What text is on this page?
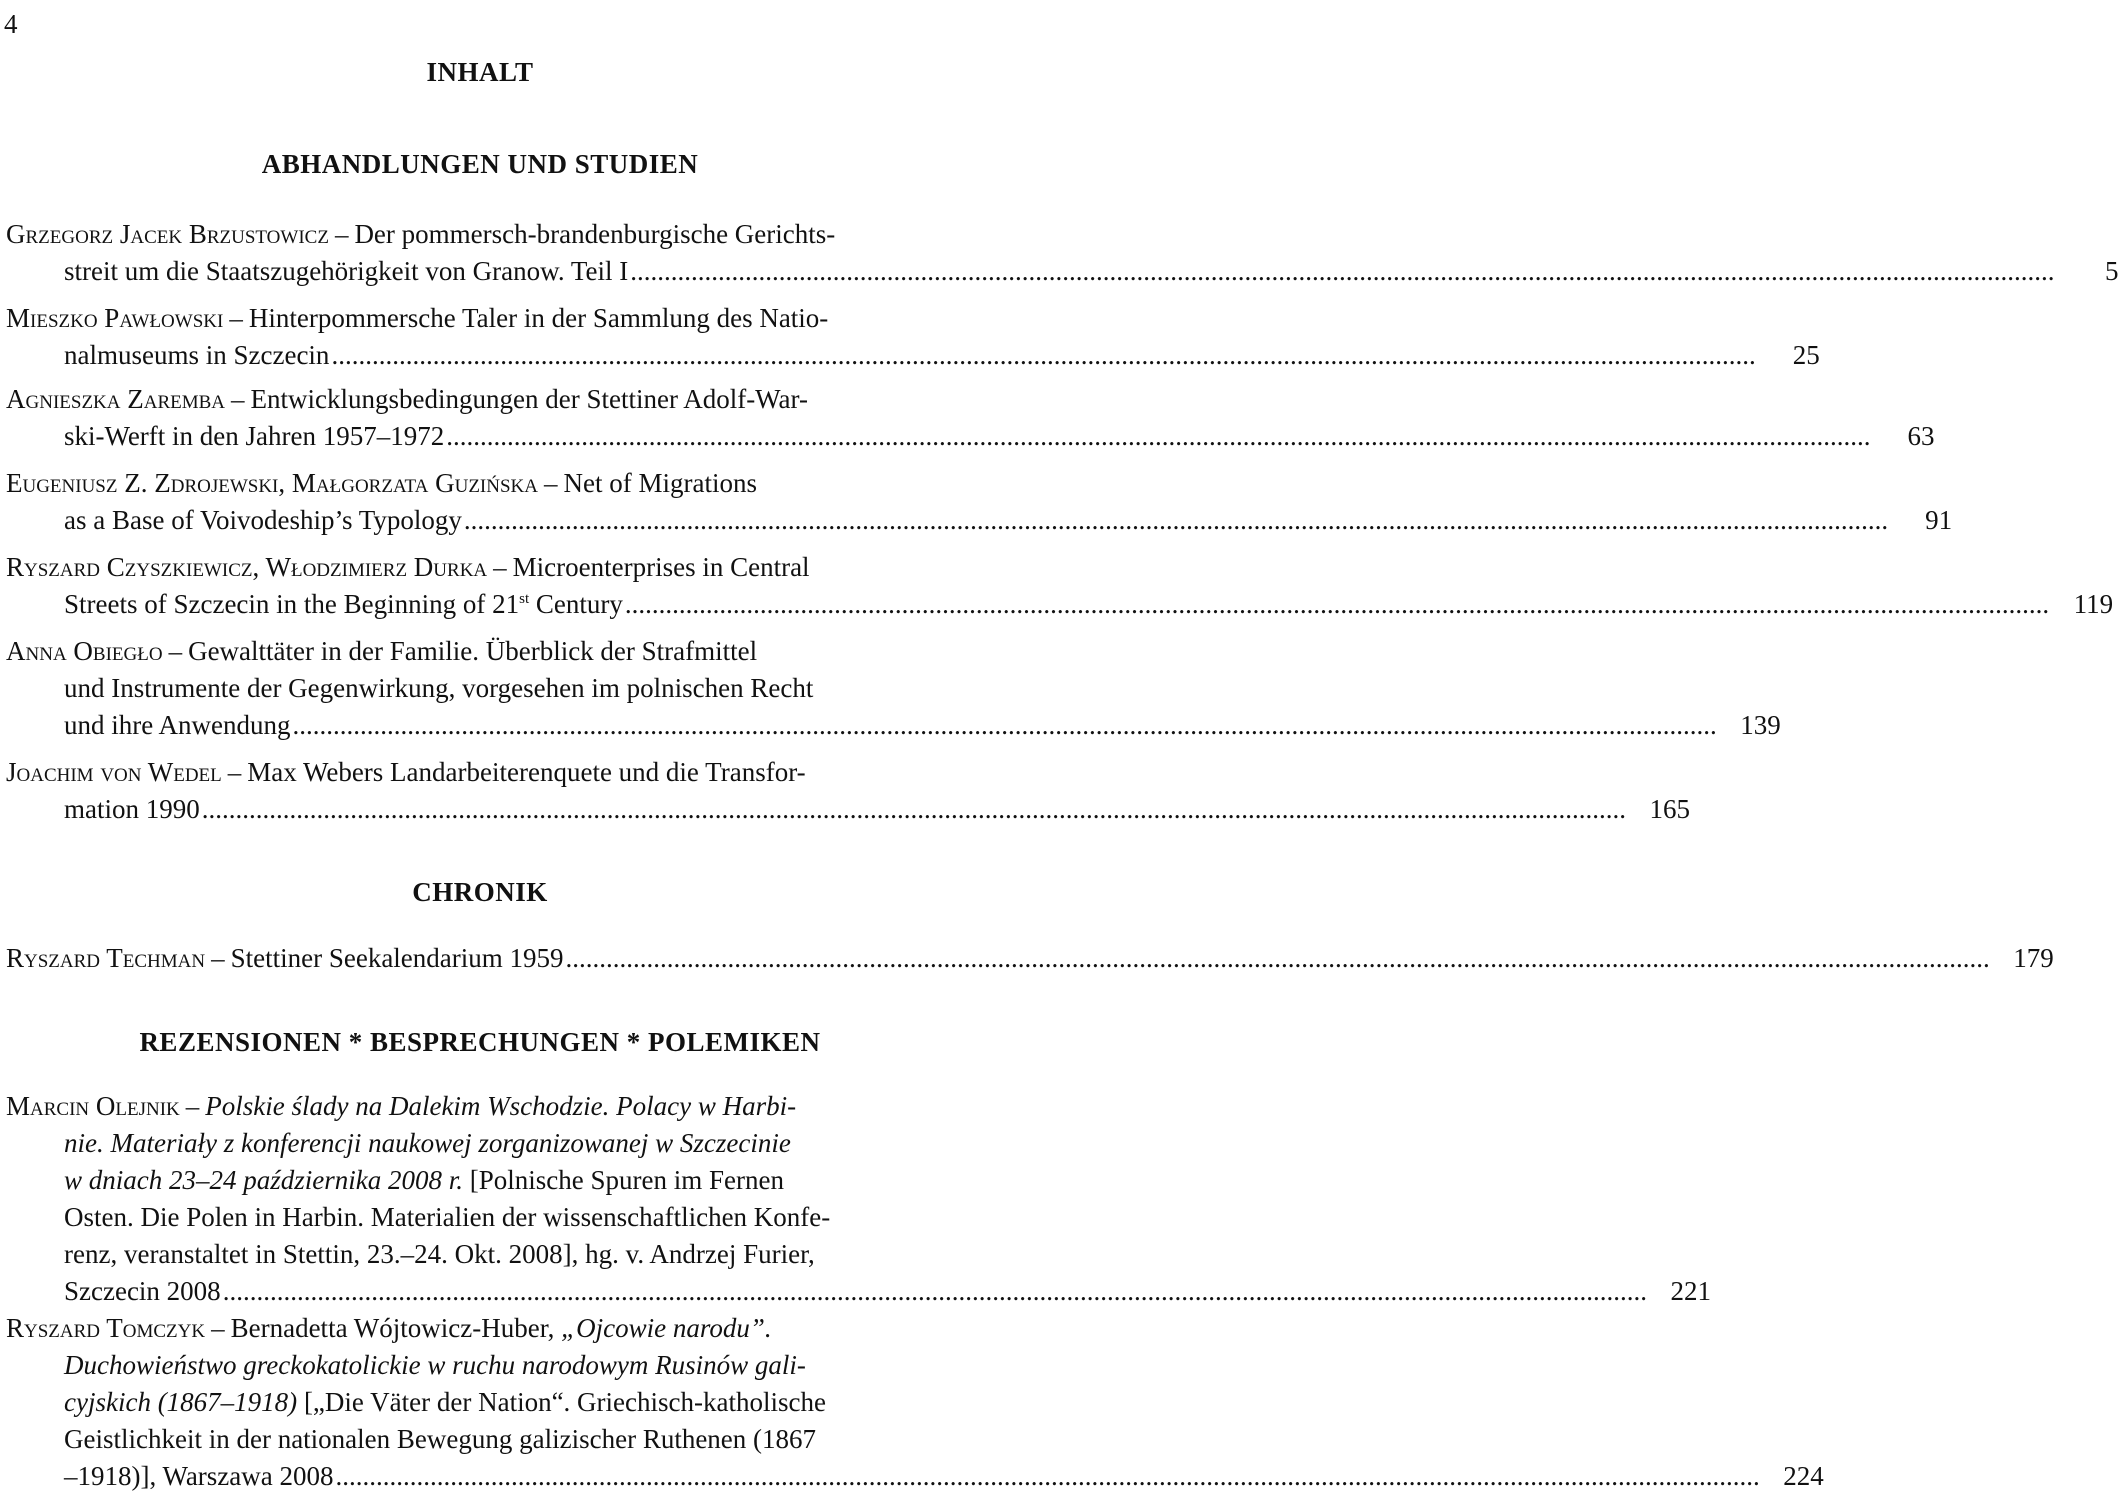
4
INHALT
ABHANDLUNGEN UND STUDIEN
Grzegorz Jacek Brzustowicz – Der pommersch-brandenburgische Gerichts-
streit um die Staatszugehörigkeit von Granow. Teil I .....	5
Mieszko Pawłowski – Hinterpommersche Taler in der Sammlung des Natio-
nalmuseums in Szczecin .....	25
Agnieszka Zaremba – Entwicklungsbedingungen der Stettiner Adolf-War-
ski-Werft in den Jahren 1957–1972 .....	63
Eugeniusz Z. Zdrojewski, Małgorzata Guzińska – Net of Migrations
as a Base of Voivodeship’s Typology .....	91
Ryszard Czyszkiewicz, Włodzimierz Durka – Microenterprises in Central
Streets of Szczecin in the Beginning of 21st Century .....	119
Anna Obiegło – Gewalttäter in der Familie. Überblick der Strafmittel
und Instrumente der Gegenwirkung, vorgesehen im polnischen Recht
und ihre Anwendung .....	139
Joachim von Wedel – Max Webers Landarbeiterenquete und die Transfor-
mation 1990 .....	165
CHRONIK
Ryszard Techman – Stettiner Seekalendarium 1959 .....	179
REZENSIONEN * BESPRECHUNGEN * POLEMIKEN
Marcin Olejnik – Polskie ślady na Dalekim Wschodzie. Polacy w Harbi-
nie. Materiały z konferencji naukowej zorganizowanej w Szczecinie
w dniach 23–24 października 2008 r. [Polnische Spuren im Fernen
Osten. Die Polen in Harbin. Materialien der wissenschaftlichen Konfe-
renz, veranstaltet in Stettin, 23.–24. Okt. 2008], hg. v. Andrzej Furier,
Szczecin 2008 .....	221
Ryszard Tomczyk – Bernadetta Wójtowicz-Huber, „Ojcowie narodu”.
Duchowieństwo greckokatolickie w ruchu narodowym Rusinów gali-
cyjskich (1867–1918) [„Die Väter der Nation“. Griechisch-katholische
Geistlichkeit in der nationalen Bewegung galizischer Ruthenen (1867
–1918)], Warszawa 2008 .....	224
